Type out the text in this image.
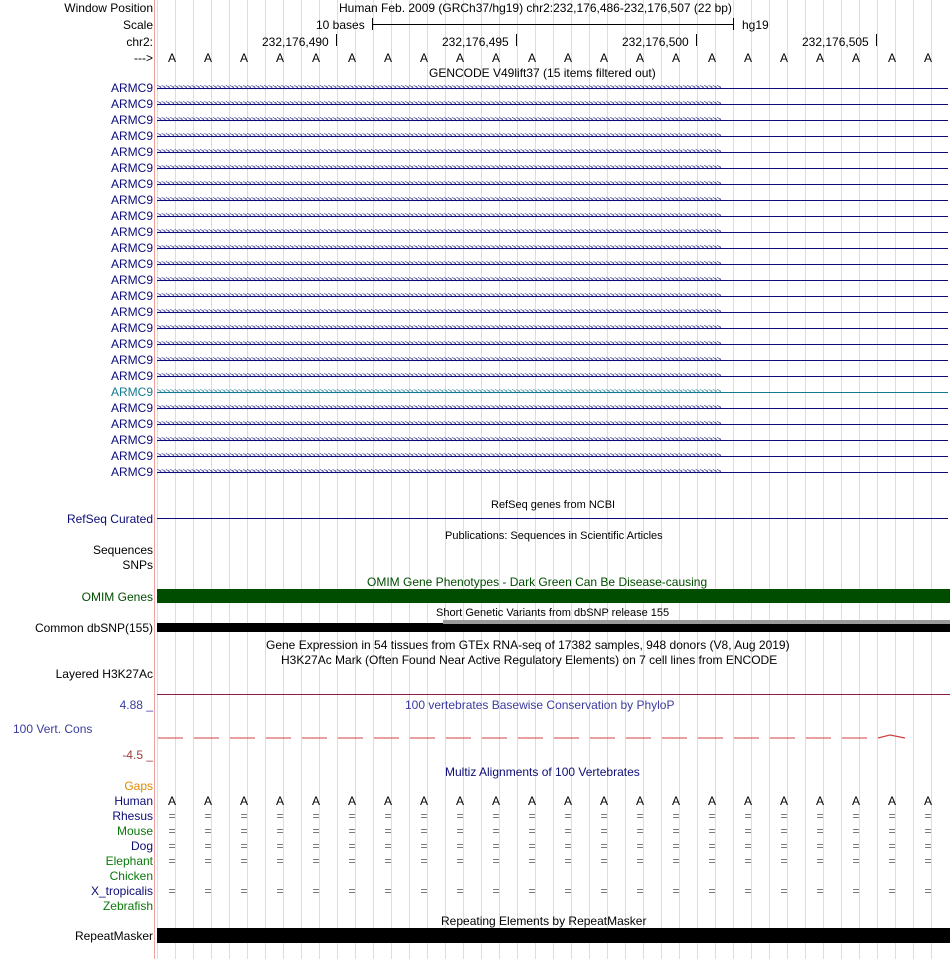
Window Position	Human Feb. 2009 (GRCh37/hg19) chr2:232,176,486-232,176,507 (22 bp)
Scale	10 bases	hg19
chr2:	232,176,490	232,176,495	232,176,500	232,176,505
---> A A A A A A A A A A A A A A A A A A A A A A
GENCODE V49lift37 (15 items filtered out)
ARMC9 >>>>>>>>>>>>>>>>>>>>>>>>>>>>>>>>>>>>>>>>>>>>>>>>>>>>>>>>>>>>>>>>>>>>>>>>>>>>>>>>>>>>>>>>>>>>>>>>>>>>>>>>>>>>>>>>>>>>>>>>>>>>>>>>>>>>
ARMC9 >>>>>>>>>>>>>>>>>>>>>>>>>>>>>>>>>>>>>>>>>>>>>>>>>>>>>>>>>>>>>>>>>>>>>>>>>>>>>>>>>>>>>>>>>>>>>>>>>>>>>>>>>>>>>>>>>>>>>>>>>>>>>>>>>>>>
ARMC9 >>>>>>>>>>>>>>>>>>>>>>>>>>>>>>>>>>>>>>>>>>>>>>>>>>>>>>>>>>>>>>>>>>>>>>>>>>>>>>>>>>>>>>>>>>>>>>>>>>>>>>>>>>>>>>>>>>>>>>>>>>>>>>>>>>>>
ARMC9 >>>>>>>>>>>>>>>>>>>>>>>>>>>>>>>>>>>>>>>>>>>>>>>>>>>>>>>>>>>>>>>>>>>>>>>>>>>>>>>>>>>>>>>>>>>>>>>>>>>>>>>>>>>>>>>>>>>>>>>>>>>>>>>>>>>>
ARMC9 >>>>>>>>>>>>>>>>>>>>>>>>>>>>>>>>>>>>>>>>>>>>>>>>>>>>>>>>>>>>>>>>>>>>>>>>>>>>>>>>>>>>>>>>>>>>>>>>>>>>>>>>>>>>>>>>>>>>>>>>>>>>>>>>>>>>
ARMC9 >>>>>>>>>>>>>>>>>>>>>>>>>>>>>>>>>>>>>>>>>>>>>>>>>>>>>>>>>>>>>>>>>>>>>>>>>>>>>>>>>>>>>>>>>>>>>>>>>>>>>>>>>>>>>>>>>>>>>>>>>>>>>>>>>>>>
ARMC9 >>>>>>>>>>>>>>>>>>>>>>>>>>>>>>>>>>>>>>>>>>>>>>>>>>>>>>>>>>>>>>>>>>>>>>>>>>>>>>>>>>>>>>>>>>>>>>>>>>>>>>>>>>>>>>>>>>>>>>>>>>>>>>>>>>>>
ARMC9 >>>>>>>>>>>>>>>>>>>>>>>>>>>>>>>>>>>>>>>>>>>>>>>>>>>>>>>>>>>>>>>>>>>>>>>>>>>>>>>>>>>>>>>>>>>>>>>>>>>>>>>>>>>>>>>>>>>>>>>>>>>>>>>>>>>>
ARMC9 >>>>>>>>>>>>>>>>>>>>>>>>>>>>>>>>>>>>>>>>>>>>>>>>>>>>>>>>>>>>>>>>>>>>>>>>>>>>>>>>>>>>>>>>>>>>>>>>>>>>>>>>>>>>>>>>>>>>>>>>>>>>>>>>>>>>
ARMC9 >>>>>>>>>>>>>>>>>>>>>>>>>>>>>>>>>>>>>>>>>>>>>>>>>>>>>>>>>>>>>>>>>>>>>>>>>>>>>>>>>>>>>>>>>>>>>>>>>>>>>>>>>>>>>>>>>>>>>>>>>>>>>>>>>>>>
ARMC9 >>>>>>>>>>>>>>>>>>>>>>>>>>>>>>>>>>>>>>>>>>>>>>>>>>>>>>>>>>>>>>>>>>>>>>>>>>>>>>>>>>>>>>>>>>>>>>>>>>>>>>>>>>>>>>>>>>>>>>>>>>>>>>>>>>>>
ARMC9 >>>>>>>>>>>>>>>>>>>>>>>>>>>>>>>>>>>>>>>>>>>>>>>>>>>>>>>>>>>>>>>>>>>>>>>>>>>>>>>>>>>>>>>>>>>>>>>>>>>>>>>>>>>>>>>>>>>>>>>>>>>>>>>>>>>>
ARMC9 >>>>>>>>>>>>>>>>>>>>>>>>>>>>>>>>>>>>>>>>>>>>>>>>>>>>>>>>>>>>>>>>>>>>>>>>>>>>>>>>>>>>>>>>>>>>>>>>>>>>>>>>>>>>>>>>>>>>>>>>>>>>>>>>>>>>
ARMC9 >>>>>>>>>>>>>>>>>>>>>>>>>>>>>>>>>>>>>>>>>>>>>>>>>>>>>>>>>>>>>>>>>>>>>>>>>>>>>>>>>>>>>>>>>>>>>>>>>>>>>>>>>>>>>>>>>>>>>>>>>>>>>>>>>>>>
ARMC9 >>>>>>>>>>>>>>>>>>>>>>>>>>>>>>>>>>>>>>>>>>>>>>>>>>>>>>>>>>>>>>>>>>>>>>>>>>>>>>>>>>>>>>>>>>>>>>>>>>>>>>>>>>>>>>>>>>>>>>>>>>>>>>>>>>>>
ARMC9 >>>>>>>>>>>>>>>>>>>>>>>>>>>>>>>>>>>>>>>>>>>>>>>>>>>>>>>>>>>>>>>>>>>>>>>>>>>>>>>>>>>>>>>>>>>>>>>>>>>>>>>>>>>>>>>>>>>>>>>>>>>>>>>>>>>>
ARMC9 >>>>>>>>>>>>>>>>>>>>>>>>>>>>>>>>>>>>>>>>>>>>>>>>>>>>>>>>>>>>>>>>>>>>>>>>>>>>>>>>>>>>>>>>>>>>>>>>>>>>>>>>>>>>>>>>>>>>>>>>>>>>>>>>>>>>
ARMC9 >>>>>>>>>>>>>>>>>>>>>>>>>>>>>>>>>>>>>>>>>>>>>>>>>>>>>>>>>>>>>>>>>>>>>>>>>>>>>>>>>>>>>>>>>>>>>>>>>>>>>>>>>>>>>>>>>>>>>>>>>>>>>>>>>>>>
ARMC9 >>>>>>>>>>>>>>>>>>>>>>>>>>>>>>>>>>>>>>>>>>>>>>>>>>>>>>>>>>>>>>>>>>>>>>>>>>>>>>>>>>>>>>>>>>>>>>>>>>>>>>>>>>>>>>>>>>>>>>>>>>>>>>>>>>>>
ARMC9 >>>>>>>>>>>>>>>>>>>>>>>>>>>>>>>>>>>>>>>>>>>>>>>>>>>>>>>>>>>>>>>>>>>>>>>>>>>>>>>>>>>>>>>>>>>>>>>>>>>>>>>>>>>>>>>>>>>>>>>>>>>>>>>>>>>>
ARMC9 >>>>>>>>>>>>>>>>>>>>>>>>>>>>>>>>>>>>>>>>>>>>>>>>>>>>>>>>>>>>>>>>>>>>>>>>>>>>>>>>>>>>>>>>>>>>>>>>>>>>>>>>>>>>>>>>>>>>>>>>>>>>>>>>>>>>
ARMC9 >>>>>>>>>>>>>>>>>>>>>>>>>>>>>>>>>>>>>>>>>>>>>>>>>>>>>>>>>>>>>>>>>>>>>>>>>>>>>>>>>>>>>>>>>>>>>>>>>>>>>>>>>>>>>>>>>>>>>>>>>>>>>>>>>>>>
ARMC9 >>>>>>>>>>>>>>>>>>>>>>>>>>>>>>>>>>>>>>>>>>>>>>>>>>>>>>>>>>>>>>>>>>>>>>>>>>>>>>>>>>>>>>>>>>>>>>>>>>>>>>>>>>>>>>>>>>>>>>>>>>>>>>>>>>>>
ARMC9 >>>>>>>>>>>>>>>>>>>>>>>>>>>>>>>>>>>>>>>>>>>>>>>>>>>>>>>>>>>>>>>>>>>>>>>>>>>>>>>>>>>>>>>>>>>>>>>>>>>>>>>>>>>>>>>>>>>>>>>>>>>>>>>>>>>>
ARMC9 >>>>>>>>>>>>>>>>>>>>>>>>>>>>>>>>>>>>>>>>>>>>>>>>>>>>>>>>>>>>>>>>>>>>>>>>>>>>>>>>>>>>>>>>>>>>>>>>>>>>>>>>>>>>>>>>>>>>>>>>>>>>>>>>>>>>
RefSeq genes from NCBI
RefSeq Curated
Publications: Sequences in Scientific Articles
Sequences
SNPs
OMIM Gene Phenotypes - Dark Green Can Be Disease-causing
OMIM Genes
Short Genetic Variants from dbSNP release 155
Common dbSNP(155)
Gene Expression in 54 tissues from GTEx RNA-seq of 17382 samples, 948 donors (V8, Aug 2019)
H3K27Ac Mark (Often Found Near Active Regulatory Elements) on 7 cell lines from ENCODE
Layered H3K27Ac
4.88 _	100 vertebrates Basewise Conservation by PhyloP
100 Vert. Cons
-4.5 _
Multiz Alignments of 100 Vertebrates
Gaps
Human A A A A A A A A A A A A A A A A A A A A A A
Rhesus = = = = = = = = = = = = = = = = = = = = = =
Mouse = = = = = = = = = = = = = = = = = = = = = =
Dog = = = = = = = = = = = = = = = = = = = = = =
Elephant = = = = = = = = = = = = = = = = = = = = = =
Chicken
X_tropicalis = = = = = = = = = = = = = = = = = = = = = =
Zebrafish
Repeating Elements by RepeatMasker
RepeatMasker
